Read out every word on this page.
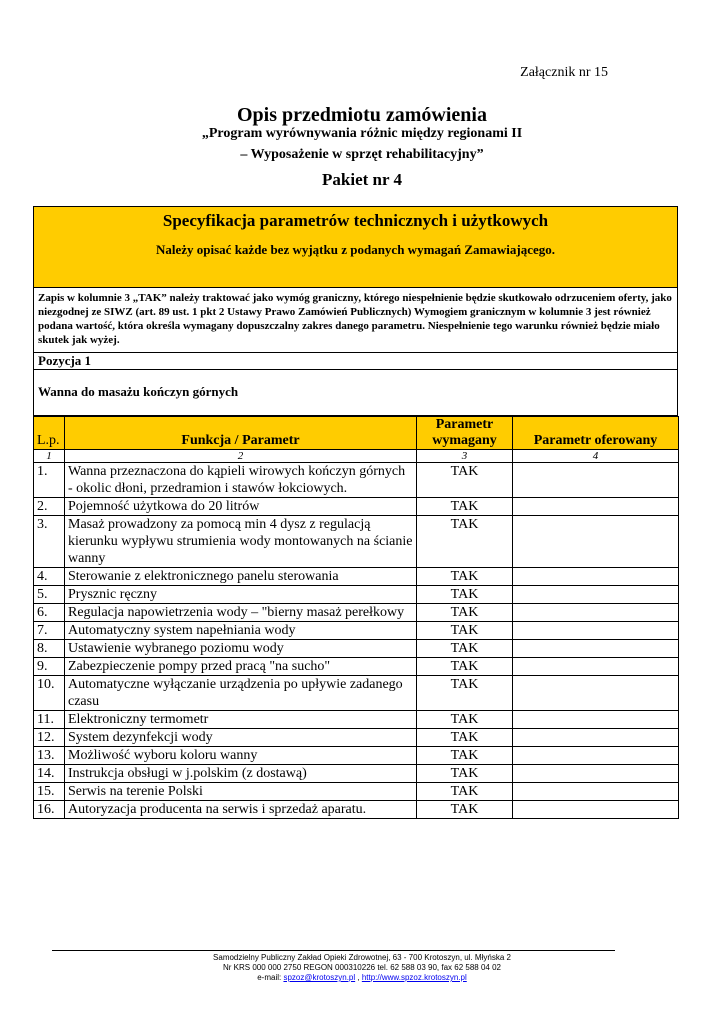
Załącznik nr 15
Opis przedmiotu zamówienia
„Program wyrównywania różnic między regionami II
– Wyposażenie w sprzęt rehabilitacyjny”
Pakiet nr 4
Specyfikacja parametrów technicznych i użytkowych
Należy opisać każde bez wyjątku z podanych wymagań Zamawiającego.
Zapis w kolumnie 3 „TAK” należy traktować jako wymóg graniczny, którego niespełnienie będzie skutkowało odrzuceniem oferty, jako niezgodnej ze SIWZ (art. 89 ust. 1 pkt 2 Ustawy Prawo Zamówień Publicznych) Wymogiem granicznym w kolumnie 3 jest również podana wartość, która określa wymagany dopuszczalny zakres danego parametru. Niespełnienie tego warunku również będzie miało skutek jak wyżej.
Pozycja 1
Wanna do masażu kończyn górnych
L.p.	Funkcja / Parametr	Parametr wymagany	Parametr oferowany
1	2	3	4
1.	Wanna przeznaczona do kąpieli wirowych kończyn górnych - okolic dłoni, przedramion i stawów łokciowych.	TAK	
2.	Pojemność użytkowa do 20 litrów	TAK	
3.	Masaż prowadzony za pomocą min 4 dysz z regulacją kierunku wypływu strumienia wody montowanych na ścianie wanny	TAK	
4.	Sterowanie z elektronicznego panelu sterowania	TAK	
5.	Prysznic ręczny	TAK	
6.	Regulacja napowietrzenia wody – "bierny masaż perełkowy	TAK	
7.	Automatyczny system napełniania wody	TAK	
8.	Ustawienie wybranego poziomu wody	TAK	
9.	Zabezpieczenie pompy przed pracą "na sucho"	TAK	
10.	Automatyczne wyłączanie urządzenia po upływie zadanego czasu	TAK	
11.	Elektroniczny termometr	TAK	
12.	System dezynfekcji wody	TAK	
13.	Możliwość wyboru koloru wanny	TAK	
14.	Instrukcja obsługi w j.polskim (z dostawą)	TAK	
15.	Serwis na terenie Polski	TAK	
16.	Autoryzacja producenta na serwis i sprzedaż aparatu.	TAK	
Samodzielny Publiczny Zakład Opieki Zdrowotnej, 63 - 700 Krotoszyn, ul. Młyńska 2
Nr KRS 000 000 2750 REGON 000310226 tel. 62 588 03 90, fax 62 588 04 02
e-mail: spzoz@krotoszyn.pl , http://www.spzoz.krotoszyn.pl
